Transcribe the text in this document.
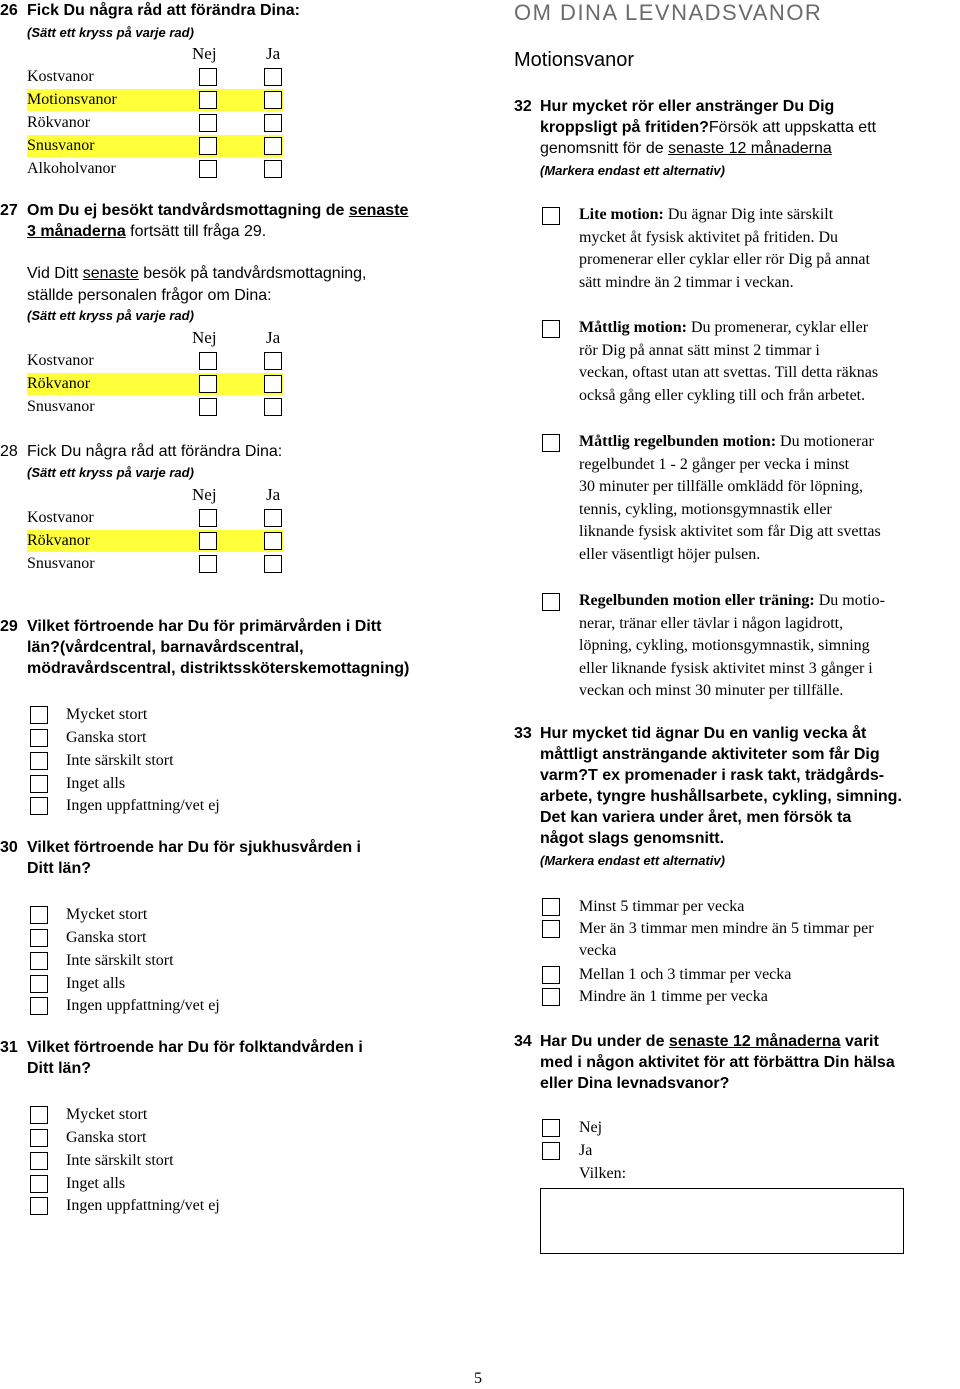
26 Fick Du några råd att förändra Dina:
(Sätt ett kryss på varje rad)
Nej	Ja
Kostvanor
Motionsvanor
Rökvanor
Snusvanor
Alkoholvanor
27 Om Du ej besökt tandvårdsmottagning de senaste
3 månaderna fortsätt till fråga 29.
Vid Ditt senaste besök på tandvårdsmottagning,
ställde personalen frågor om Dina:
(Sätt ett kryss på varje rad)
Nej	Ja
Kostvanor
Rökvanor
Snusvanor
28 Fick Du några råd att förändra Dina:
(Sätt ett kryss på varje rad)
Nej	Ja
Kostvanor
Rökvanor
Snusvanor
29 Vilket förtroende har Du för primärvården i Ditt
län?(vårdcentral, barnavårdscentral,
mödravårdscentral, distriktssköterskemottagning)
Mycket stort
Ganska stort
Inte särskilt stort
Inget alls
Ingen uppfattning/vet ej
30 Vilket förtroende har Du för sjukhusvården i
Ditt län?
Mycket stort
Ganska stort
Inte särskilt stort
Inget alls
Ingen uppfattning/vet ej
31 Vilket förtroende har Du för folktandvården i
Ditt län?
Mycket stort
Ganska stort
Inte särskilt stort
Inget alls
Ingen uppfattning/vet ej
OM DINA LEVNADSVANOR
Motionsvanor
32 Hur mycket rör eller anstränger Du Dig
kroppsligt på fritiden?Försök att uppskatta ett
genomsnitt för de senaste 12 månaderna
(Markera endast ett alternativ)
Lite motion: Du ägnar Dig inte särskilt
mycket åt fysisk aktivitet på fritiden. Du
promenerar eller cyklar eller rör Dig på annat
sätt mindre än 2 timmar i veckan.
Måttlig motion: Du promenerar, cyklar eller
rör Dig på annat sätt minst 2 timmar i
veckan, oftast utan att svettas. Till detta räknas
också gång eller cykling till och från arbetet.
Måttlig regelbunden motion: Du motionerar
regelbundet 1 - 2 gånger per vecka i minst
30 minuter per tillfälle omklädd för löpning,
tennis, cykling, motionsgymnastik eller
liknande fysisk aktivitet som får Dig att svettas
eller väsentligt höjer pulsen.
Regelbunden motion eller träning: Du motio-
nerar, tränar eller tävlar i någon lagidrott,
löpning, cykling, motionsgymnastik, simning
eller liknande fysisk aktivitet minst 3 gånger i
veckan och minst 30 minuter per tillfälle.
33 Hur mycket tid ägnar Du en vanlig vecka åt
måttligt ansträngande aktiviteter som får Dig
varm?T ex promenader i rask takt, trädgårds-
arbete, tyngre hushållsarbete, cykling, simning.
Det kan variera under året, men försök ta
något slags genomsnitt.
(Markera endast ett alternativ)
Minst 5 timmar per vecka
Mer än 3 timmar men mindre än 5 timmar per
vecka
Mellan 1 och 3 timmar per vecka
Mindre än 1 timme per vecka
34 Har Du under de senaste 12 månaderna varit
med i någon aktivitet för att förbättra Din hälsa
eller Dina levnadsvanor?
Nej
Ja
Vilken:
5
